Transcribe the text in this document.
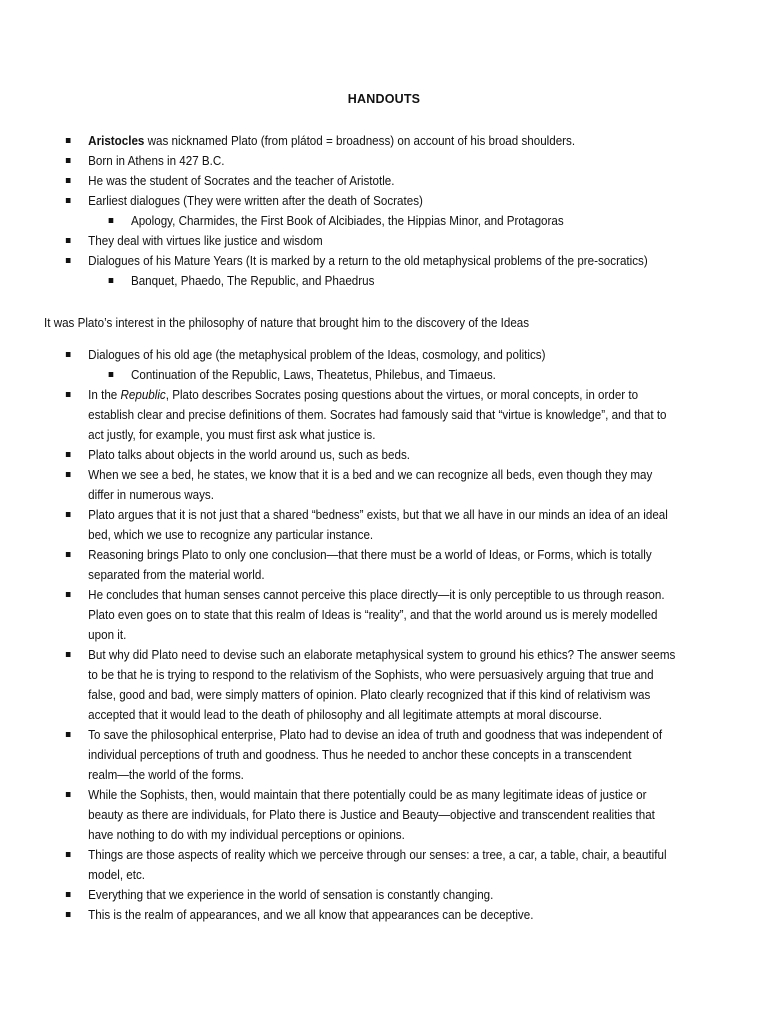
HANDOUTS
Aristocles was nicknamed Plato (from plátod = broadness) on account of his broad shoulders.
Born in Athens in 427 B.C.
He was the student of Socrates and the teacher of Aristotle.
Earliest dialogues (They were written after the death of Socrates)
Apology, Charmides, the First Book of Alcibiades, the Hippias Minor, and Protagoras
They deal with virtues like justice and wisdom
Dialogues of his Mature Years (It is marked by a return to the old metaphysical problems of the pre-socratics)
Banquet, Phaedo, The Republic, and Phaedrus
It was Plato’s interest in the philosophy of nature that brought him to the discovery of the Ideas
Dialogues of his old age (the metaphysical problem of the Ideas, cosmology, and politics)
Continuation of the Republic, Laws, Theatetus, Philebus, and Timaeus.
In the Republic, Plato describes Socrates posing questions about the virtues, or moral concepts, in order to
establish clear and precise definitions of them. Socrates had famously said that “virtue is knowledge”, and that to
act justly, for example, you must first ask what justice is.
Plato talks about objects in the world around us, such as beds.
When we see a bed, he states, we know that it is a bed and we can recognize all beds, even though they may
differ in numerous ways.
Plato argues that it is not just that a shared “bedness” exists, but that we all have in our minds an idea of an ideal
bed, which we use to recognize any particular instance.
Reasoning brings Plato to only one conclusion—that there must be a world of Ideas, or Forms, which is totally
separated from the material world.
He concludes that human senses cannot perceive this place directly—it is only perceptible to us through reason.
Plato even goes on to state that this realm of Ideas is “reality”, and that the world around us is merely modelled
upon it.
But why did Plato need to devise such an elaborate metaphysical system to ground his ethics? The answer seems
to be that he is trying to respond to the relativism of the Sophists, who were persuasively arguing that true and
false, good and bad, were simply matters of opinion. Plato clearly recognized that if this kind of relativism was
accepted that it would lead to the death of philosophy and all legitimate attempts at moral discourse.
To save the philosophical enterprise, Plato had to devise an idea of truth and goodness that was independent of
individual perceptions of truth and goodness. Thus he needed to anchor these concepts in a transcendent
realm—the world of the forms.
While the Sophists, then, would maintain that there potentially could be as many legitimate ideas of justice or
beauty as there are individuals, for Plato there is Justice and Beauty—objective and transcendent realities that
have nothing to do with my individual perceptions or opinions.
Things are those aspects of reality which we perceive through our senses: a tree, a car, a table, chair, a beautiful
model, etc.
Everything that we experience in the world of sensation is constantly changing.
This is the realm of appearances, and we all know that appearances can be deceptive.
